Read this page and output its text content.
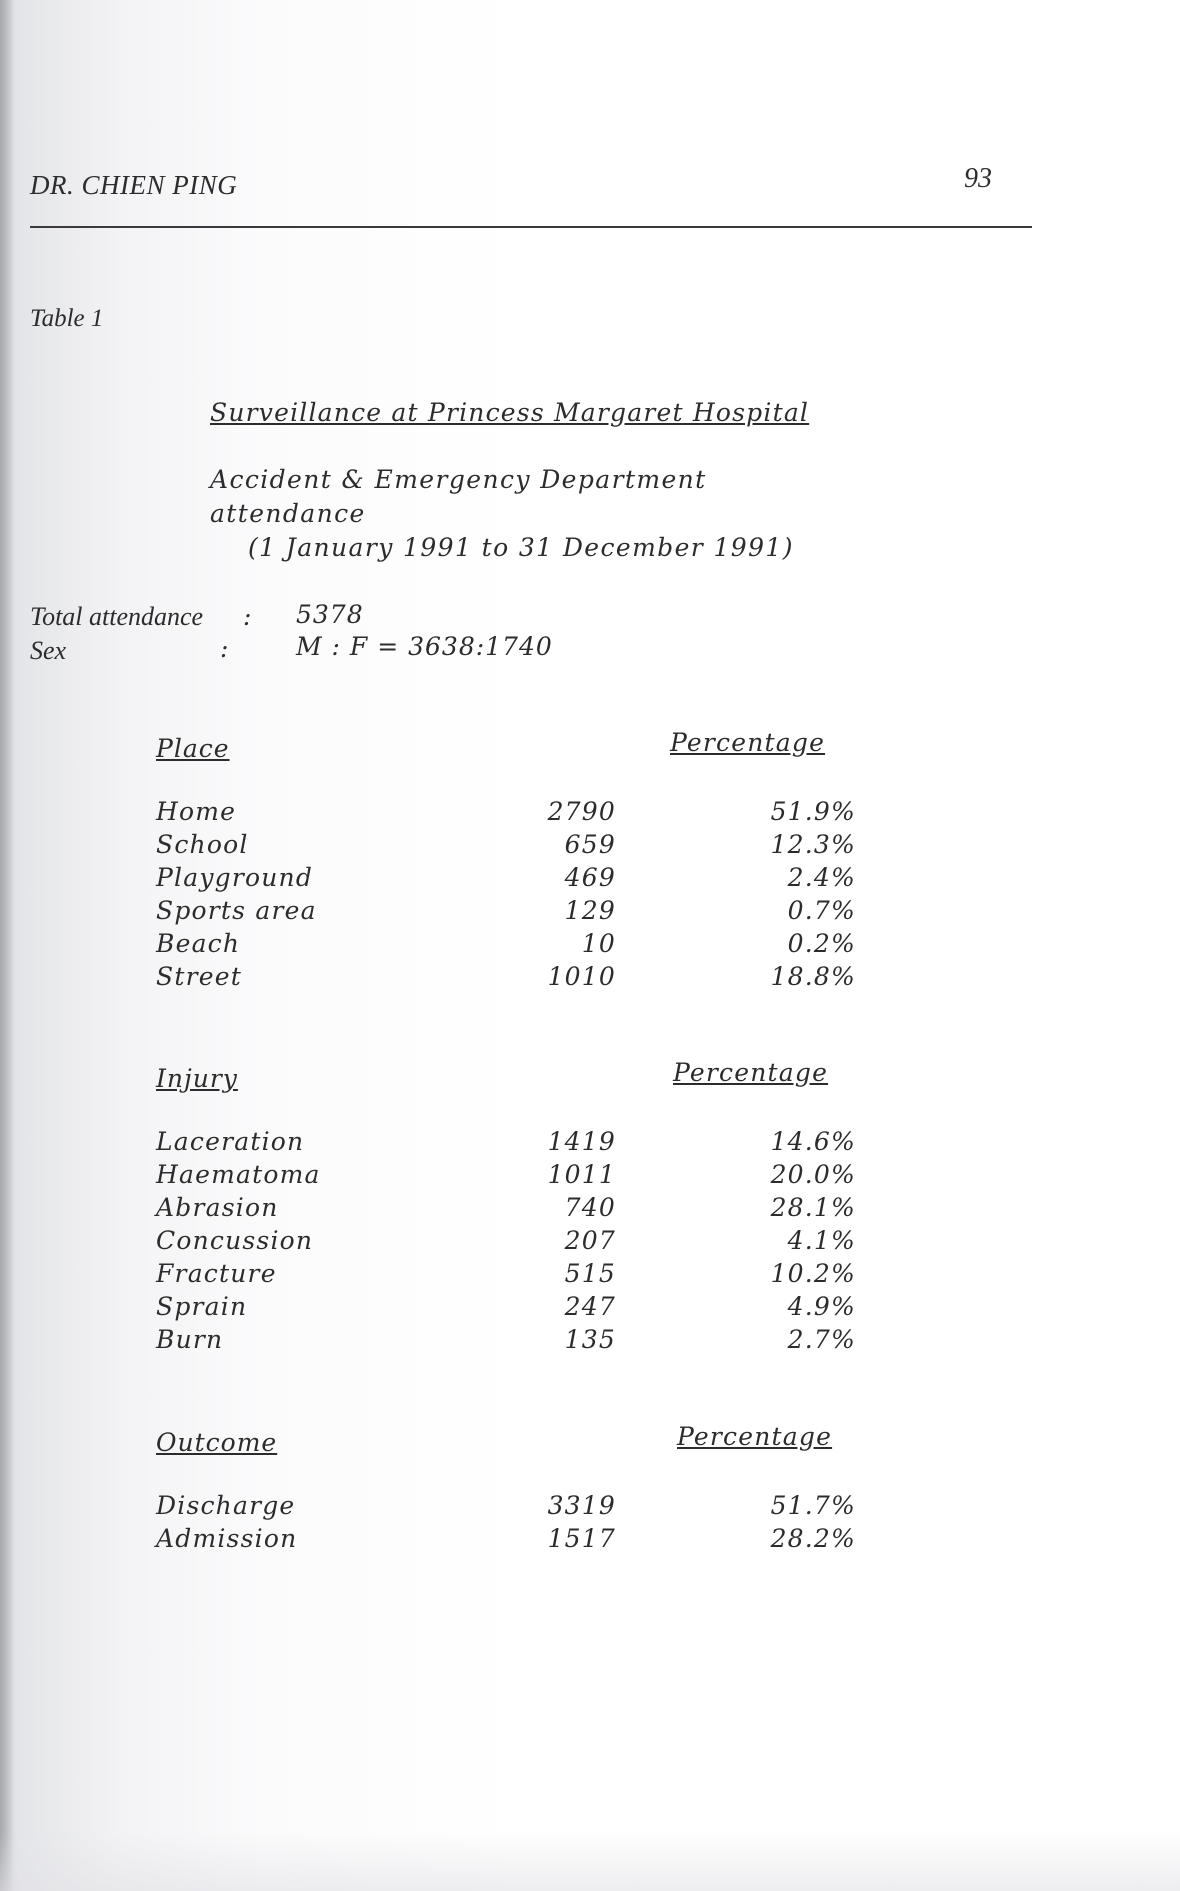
DR. CHIEN PING	93
Table 1
Surveillance at Princess Margaret Hospital
Accident & Emergency Department attendance
(1 January 1991 to 31 December 1991)
Total attendance : 5378
Sex	:	M : F = 3638:1740
Place	Percentage
Home	2790	51.9%
School	659	12.3%
Playground	469	2.4%
Sports area	129	0.7%
Beach	10	0.2%
Street	1010	18.8%
Injury	Percentage
Laceration	1419	14.6%
Haematoma	1011	20.0%
Abrasion	740	28.1%
Concussion	207	4.1%
Fracture	515	10.2%
Sprain	247	4.9%
Burn	135	2.7%
Outcome	Percentage
Discharge	3319	51.7%
Admission	1517	28.2%
